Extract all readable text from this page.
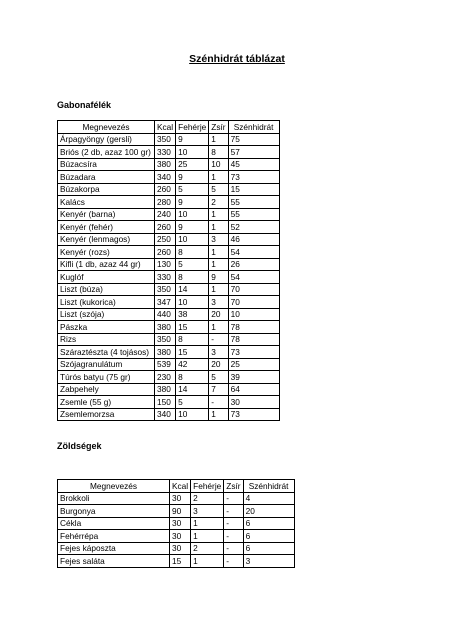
Szénhidrát táblázat
Gabonafélék
Megnevezés	Kcal	Fehérje	Zsír	Szénhidrát
Árpagyöngy (gersli)	350	9	1	75
Briós (2 db, azaz 100 gr)	330	10	8	57
Búzacsíra	380	25	10	45
Búzadara	340	9	1	73
Búzakorpa	260	5	5	15
Kalács	280	9	2	55
Kenyér (barna)	240	10	1	55
Kenyér (fehér)	260	9	1	52
Kenyér (lenmagos)	250	10	3	46
Kenyér (rozs)	260	8	1	54
Kifli (1 db, azaz 44 gr)	130	5	1	26
Kuglóf	330	8	9	54
Liszt (búza)	350	14	1	70
Liszt (kukorica)	347	10	3	70
Liszt (szója)	440	38	20	10
Pászka	380	15	1	78
Rizs	350	8	-	78
Száraztészta (4 tojásos)	380	15	3	73
Szójagranulátum	539	42	20	25
Túrós batyu (75 gr)	230	8	5	39
Zabpehely	380	14	7	64
Zsemle (55 g)	150	5	-	30
Zsemlemorzsa	340	10	1	73
Zöldségek
Megnevezés	Kcal	Fehérje	Zsír	Szénhidrát
Brokkoli	30	2	-	4
Burgonya	90	3	-	20
Cékla	30	1	-	6
Fehérrépa	30	1	-	6
Fejes káposzta	30	2	-	6
Fejes saláta	15	1	-	3
